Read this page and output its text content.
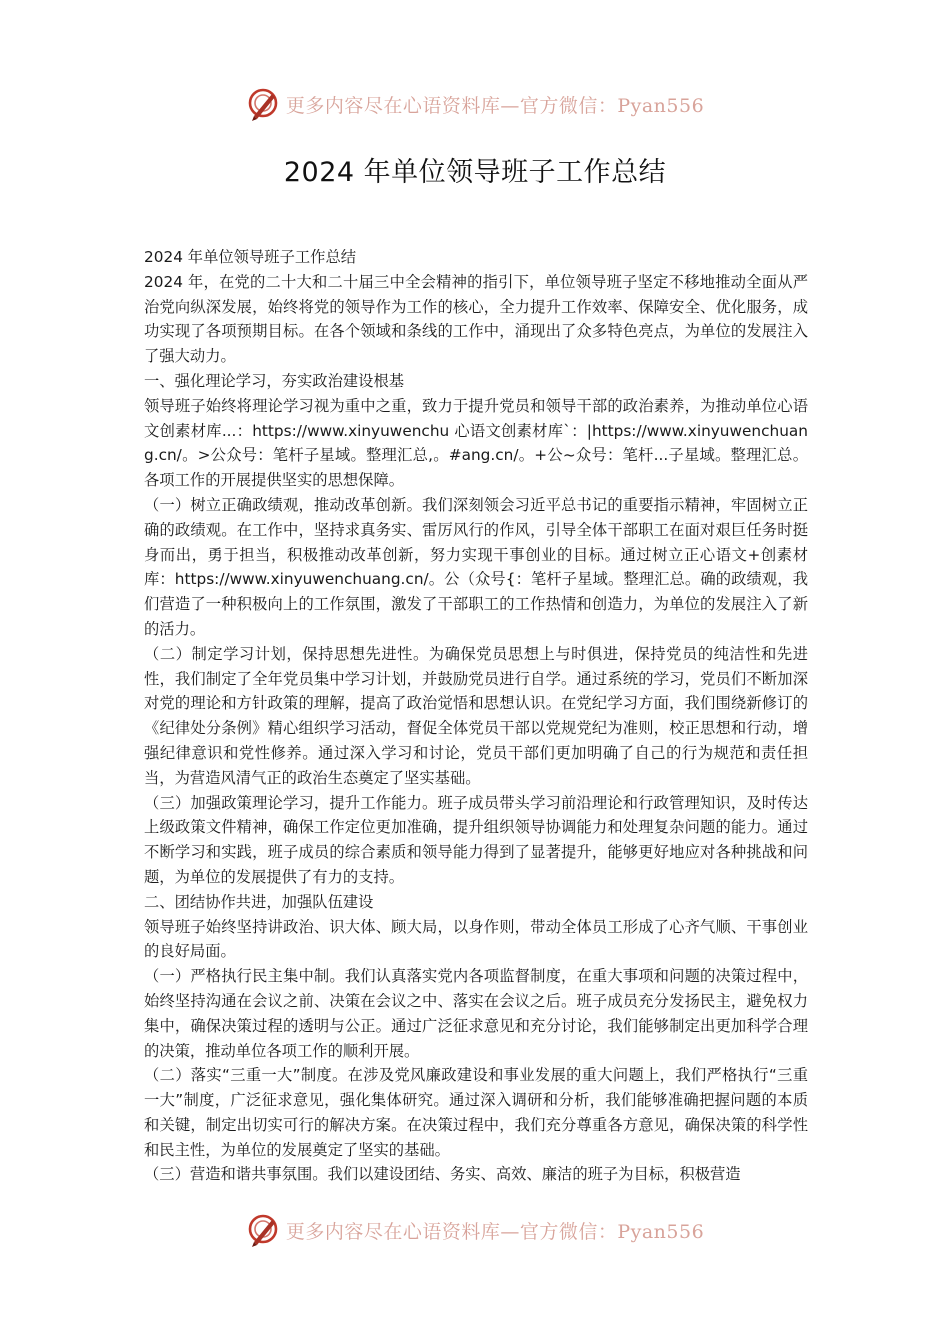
更多内容尽在心语资料库—官方微信：Pyan556
2024 年单位领导班子工作总结

2024 年单位领导班子工作总结

2024 年，在党的二十大和二十届三中全会精神的指引下，单位领导班子坚定不移地推动全面从严治党向纵深发展，始终将党的领导作为工作的核心，全力提升工作效率、保障安全、优化服务，成功实现了各项预期目标。在各个领域和条线的工作中，涌现出了众多特色亮点，为单位的发展注入了强大动力。

一、强化理论学习，夯实政治建设根基

领导班子始终将理论学习视为重中之重，致力于提升党员和领导干部的政治素养，为推动单位心语文创素材库...：https://www.xinyuwenchu 心语文创素材库`：|https://www.xinyuwenchuang.cn/。>公众号：笔杆子星域。整理汇总,。#ang.cn/。+公~众号：笔杆...子星域。整理汇总。各项工作的开展提供坚实的思想保障。

（一）树立正确政绩观，推动改革创新。我们深刻领会习近平总书记的重要指示精神，牢固树立正确的政绩观。在工作中，坚持求真务实、雷厉风行的作风，引导全体干部职工在面对艰巨任务时挺身而出，勇于担当，积极推动改革创新，努力实现干事创业的目标。通过树立正心语文+创素材库：https://www.xinyuwenchuang.cn/。公（众号{：笔杆子星域。整理汇总。确的政绩观，我们营造了一种积极向上的工作氛围，激发了干部职工的工作热情和创造力，为单位的发展注入了新的活力。

（二）制定学习计划，保持思想先进性。为确保党员思想上与时俱进，保持党员的纯洁性和先进性，我们制定了全年党员集中学习计划，并鼓励党员进行自学。通过系统的学习，党员们不断加深对党的理论和方针政策的理解，提高了政治觉悟和思想认识。在党纪学习方面，我们围绕新修订的《纪律处分条例》精心组织学习活动，督促全体党员干部以党规党纪为准则，校正思想和行动，增强纪律意识和党性修养。通过深入学习和讨论，党员干部们更加明确了自己的行为规范和责任担当，为营造风清气正的政治生态奠定了坚实基础。

（三）加强政策理论学习，提升工作能力。班子成员带头学习前沿理论和行政管理知识，及时传达上级政策文件精神，确保工作定位更加准确，提升组织领导协调能力和处理复杂问题的能力。通过不断学习和实践，班子成员的综合素质和领导能力得到了显著提升，能够更好地应对各种挑战和问题，为单位的发展提供了有力的支持。

二、团结协作共进，加强队伍建设

领导班子始终坚持讲政治、识大体、顾大局，以身作则，带动全体员工形成了心齐气顺、干事创业的良好局面。

（一）严格执行民主集中制。我们认真落实党内各项监督制度，在重大事项和问题的决策过程中，始终坚持沟通在会议之前、决策在会议之中、落实在会议之后。班子成员充分发扬民主，避免权力集中，确保决策过程的透明与公正。通过广泛征求意见和充分讨论，我们能够制定出更加科学合理的决策，推动单位各项工作的顺利开展。

（二）落实“三重一大”制度。在涉及党风廉政建设和事业发展的重大问题上，我们严格执行“三重一大”制度，广泛征求意见，强化集体研究。通过深入调研和分析，我们能够准确把握问题的本质和关键，制定出切实可行的解决方案。在决策过程中，我们充分尊重各方意见，确保决策的科学性和民主性，为单位的发展奠定了坚实的基础。

（三）营造和谐共事氛围。我们以建设团结、务实、高效、廉洁的班子为目标，积极营造

更多内容尽在心语资料库—官方微信：Pyan556
